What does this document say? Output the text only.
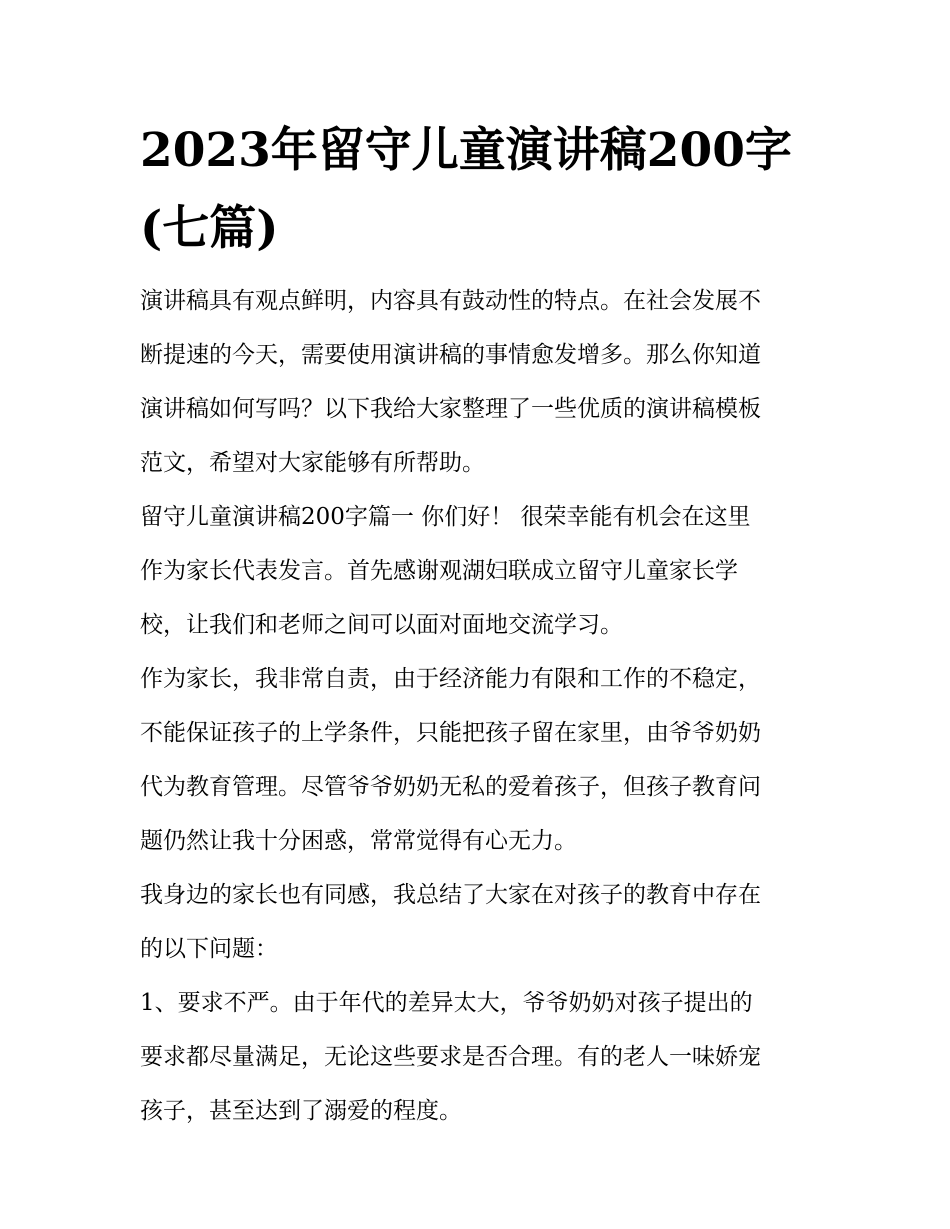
2023年留守儿童演讲稿200字
(七篇)

演讲稿具有观点鲜明，内容具有鼓动性的特点。在社会发展不
断提速的今天，需要使用演讲稿的事情愈发增多。那么你知道
演讲稿如何写吗？以下我给大家整理了一些优质的演讲稿模板
范文，希望对大家能够有所帮助。

留守儿童演讲稿200字篇一 你们好！ 很荣幸能有机会在这里
作为家长代表发言。首先感谢观湖妇联成立留守儿童家长学
校，让我们和老师之间可以面对面地交流学习。

作为家长，我非常自责，由于经济能力有限和工作的不稳定，
不能保证孩子的上学条件，只能把孩子留在家里，由爷爷奶奶
代为教育管理。尽管爷爷奶奶无私的爱着孩子，但孩子教育问
题仍然让我十分困惑，常常觉得有心无力。

我身边的家长也有同感，我总结了大家在对孩子的教育中存在
的以下问题：

1、要求不严。由于年代的差异太大，爷爷奶奶对孩子提出的
要求都尽量满足，无论这些要求是否合理。有的老人一味娇宠
孩子，甚至达到了溺爱的程度。
